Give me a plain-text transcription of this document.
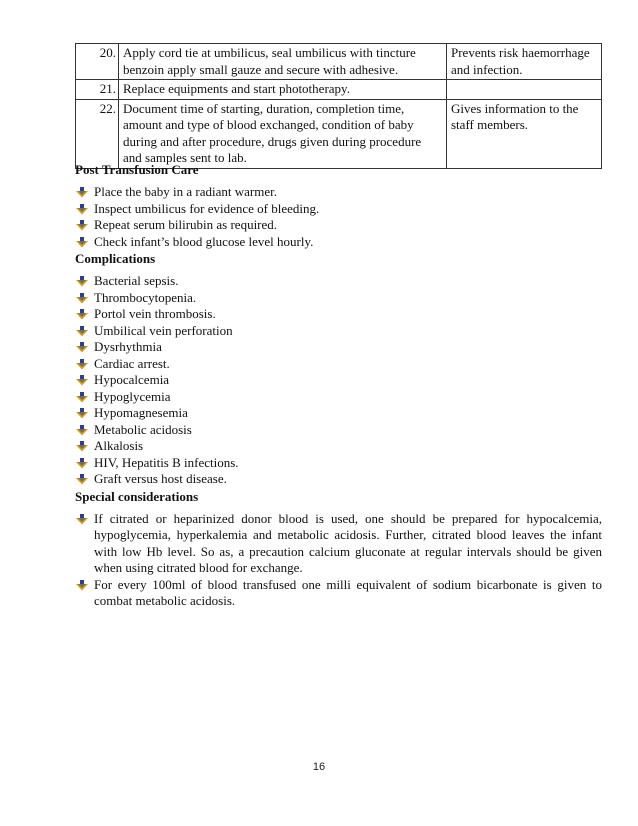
20.	Apply cord tie at umbilicus, seal umbilicus with tincture benzoin apply small gauze and secure with adhesive.	Prevents risk haemorrhage and infection.
21.	Replace equipments and start phototherapy.	
22.	Document time of starting, duration, completion time, amount and type of blood exchanged, condition of baby during and after procedure, drugs given during procedure and samples sent to lab.	Gives information to the staff members.
Post Transfusion Care
Place the baby in a radiant warmer.
Inspect umbilicus for evidence of bleeding.
Repeat serum bilirubin as required.
Check infant’s blood glucose level hourly.
Complications
Bacterial sepsis.
Thrombocytopenia.
Portol vein thrombosis.
Umbilical vein perforation
Dysrhythmia
Cardiac arrest.
Hypocalcemia
Hypoglycemia
Hypomagnesemia
Metabolic acidosis
Alkalosis
HIV, Hepatitis B infections.
Graft versus host disease.
Special considerations
If citrated or heparinized donor blood is used, one should be prepared for hypocalcemia, hypoglycemia, hyperkalemia and metabolic acidosis. Further, citrated blood leaves the infant with low Hb level. So as, a precaution calcium gluconate at regular intervals should be given when using citrated blood for exchange.
For every 100ml of blood transfused one milli equivalent of sodium bicarbonate is given to combat metabolic acidosis.
16
